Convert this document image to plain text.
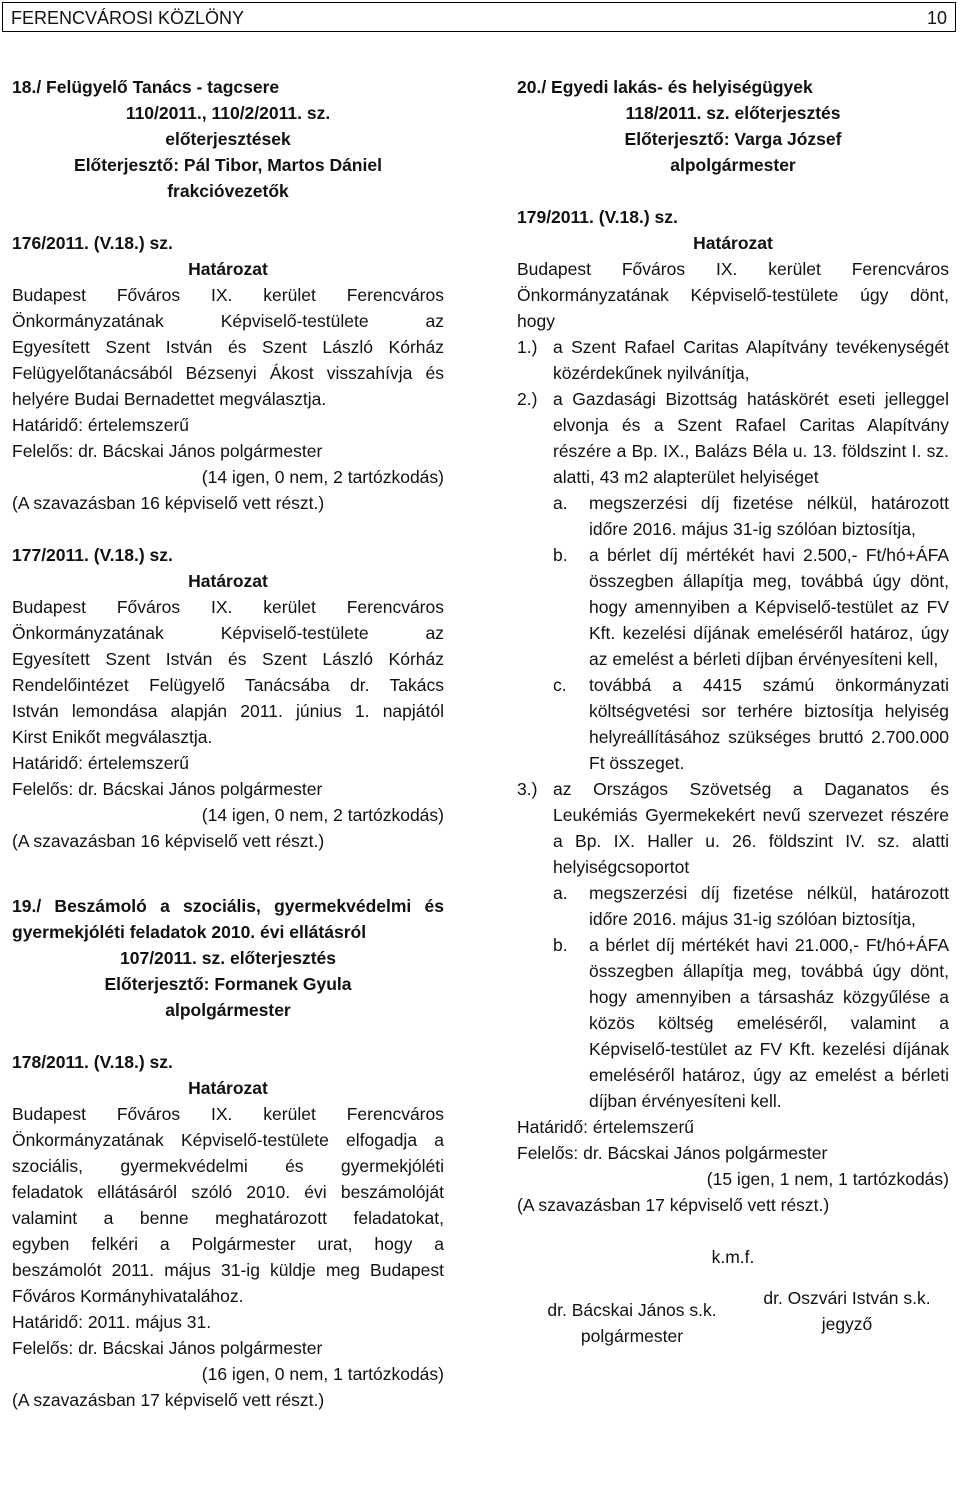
FERENCVÁROSI KÖZLÖNY	10

18./ Felügyelő Tanács - tagcsere

110/2011., 110/2/2011. sz.

előterjesztések

Előterjesztő: Pál Tibor, Martos Dániel

frakcióvezetők

176/2011. (V.18.) sz.

Határozat

Budapest Főváros IX. kerület Ferencváros

Önkormányzatának Képviselő-testülete az

Egyesített Szent István és Szent László Kórház

Felügyelőtanácsából Bézsenyi Ákost visszahívja és

helyére Budai Bernadettet megválasztja.

Határidő: értelemszerű

Felelős: dr. Bácskai János polgármester

(14 igen, 0 nem, 2 tartózkodás)

(A szavazásban 16 képviselő vett részt.)

177/2011. (V.18.) sz.

Határozat

Budapest Főváros IX. kerület Ferencváros

Önkormányzatának Képviselő-testülete az

Egyesített Szent István és Szent László Kórház

Rendelőintézet Felügyelő Tanácsába dr. Takács

István lemondása alapján 2011. június 1. napjától

Kirst Enikőt megválasztja.

Határidő: értelemszerű

Felelős: dr. Bácskai János polgármester

(14 igen, 0 nem, 2 tartózkodás)

(A szavazásban 16 képviselő vett részt.)

19./ Beszámoló a szociális, gyermekvédelmi és

gyermekjóléti feladatok 2010. évi ellátásról

107/2011. sz. előterjesztés

Előterjesztő: Formanek Gyula

alpolgármester

178/2011. (V.18.) sz.

Határozat

Budapest Főváros IX. kerület Ferencváros

Önkormányzatának Képviselő-testülete elfogadja a

szociális, gyermekvédelmi és gyermekjóléti

feladatok ellátásáról szóló 2010. évi beszámolóját

valamint a benne meghatározott feladatokat,

egyben felkéri a Polgármester urat, hogy a

beszámolót 2011. május 31-ig küldje meg Budapest

Főváros Kormányhivatalához.

Határidő: 2011. május 31.

Felelős: dr. Bácskai János polgármester

(16 igen, 0 nem, 1 tartózkodás)

(A szavazásban 17 képviselő vett részt.)

20./ Egyedi lakás- és helyiségügyek

118/2011. sz. előterjesztés

Előterjesztő: Varga József

alpolgármester

179/2011. (V.18.) sz.

Határozat

Budapest Főváros IX. kerület Ferencváros

Önkormányzatának Képviselő-testülete úgy dönt,

hogy

1.) a Szent Rafael Caritas Alapítvány tevékenységét közérdekűnek nyilvánítja,
2.) a Gazdasági Bizottság hatáskörét eseti jelleggel elvonja és a Szent Rafael Caritas Alapítvány részére a Bp. IX., Balázs Béla u. 13. földszint I. sz. alatti, 43 m2 alapterület helyiséget
a.	megszerzési díj fizetése nélkül, határozott időre 2016. május 31-ig szólóan biztosítja,
b.	a bérlet díj mértékét havi 2.500,- Ft/hó+ÁFA összegben állapítja meg, továbbá úgy dönt, hogy amennyiben a Képviselő-testület az FV Kft. kezelési díjának emeléséről határoz, úgy az emelést a bérleti díjban érvényesíteni kell,
c.	továbbá a 4415 számú önkormányzati költségvetési sor terhére biztosítja helyiség helyreállításához szükséges bruttó 2.700.000 Ft összeget.
3.) az Országos Szövetség a Daganatos és Leukémiás Gyermekekért nevű szervezet részére a Bp. IX. Haller u. 26. földszint IV. sz. alatti helyiségcsoportot
a.	megszerzési díj fizetése nélkül, határozott időre 2016. május 31-ig szólóan biztosítja,
b.	a bérlet díj mértékét havi 21.000,- Ft/hó+ÁFA összegben állapítja meg, továbbá úgy dönt, hogy amennyiben a társasház közgyűlése a közös költség emeléséről, valamint a Képviselő-testület az FV Kft. kezelési díjának emeléséről határoz, úgy az emelést a bérleti díjban érvényesíteni kell.

Határidő: értelemszerű

Felelős: dr. Bácskai János polgármester

(15 igen, 1 nem, 1 tartózkodás)

(A szavazásban 17 képviselő vett részt.)

k.m.f.

dr. Bácskai János s.k.
polgármester
dr. Oszvári István s.k.
jegyző
